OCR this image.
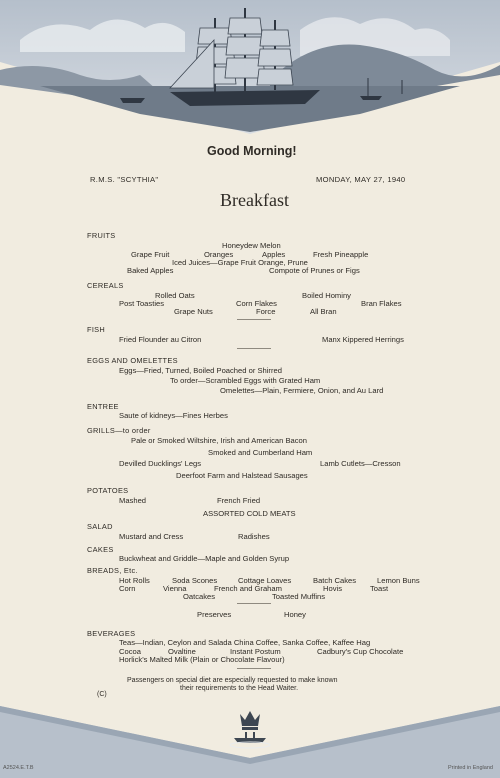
Good Morning!
R.M.S. "SCYTHIA"	MONDAY, MAY 27, 1940
Breakfast
FRUITS
Honeydew Melon
Grape Fruit	Oranges	Apples	Fresh Pineapple
Iced Juices—Grape Fruit Orange, Prune
Baked Apples	Compote of Prunes or Figs
CEREALS
Rolled Oats	Boiled Hominy
Post Toasties	Corn Flakes	Bran Flakes
Grape Nuts	Force	All Bran
FISH
Fried Flounder au Citron	Manx Kippered Herrings
EGGS AND OMELETTES
Eggs—Fried, Turned, Boiled Poached or Shirred
To order—Scrambled Eggs with Grated Ham
Omelettes—Plain, Fermiere, Onion, and Au Lard
ENTREE
Saute of kidneys—Fines Herbes
GRILLS—to order
Pale or Smoked Wiltshire, Irish and American Bacon
Smoked and Cumberland Ham
Devilled Ducklings' Legs	Lamb Cutlets—Cresson
Deerfoot Farm and Halstead Sausages
POTATOES
Mashed	French Fried
ASSORTED COLD MEATS
SALAD
Mustard and Cress	Radishes
CAKES
Buckwheat and Griddle—Maple and Golden Syrup
BREADS, Etc.
Hot Rolls	Soda Scones	Cottage Loaves	Batch Cakes	Lemon Buns
Corn	Vienna	French and Graham	Hovis	Toast
Oatcakes	Toasted Muffins
Preserves	Honey
BEVERAGES
Teas—Indian, Ceylon and Salada China Coffee, Sanka Coffee, Kaffee Hag
Cocoa	Ovaltine	Instant Postum	Cadbury's Cup Chocolate
Horlick's Malted Milk (Plain or Chocolate Flavour)
Passengers on special diet are especially requested to make known
their requirements to the Head Waiter.
(C)
A2524.E.T.B	Printed in England
